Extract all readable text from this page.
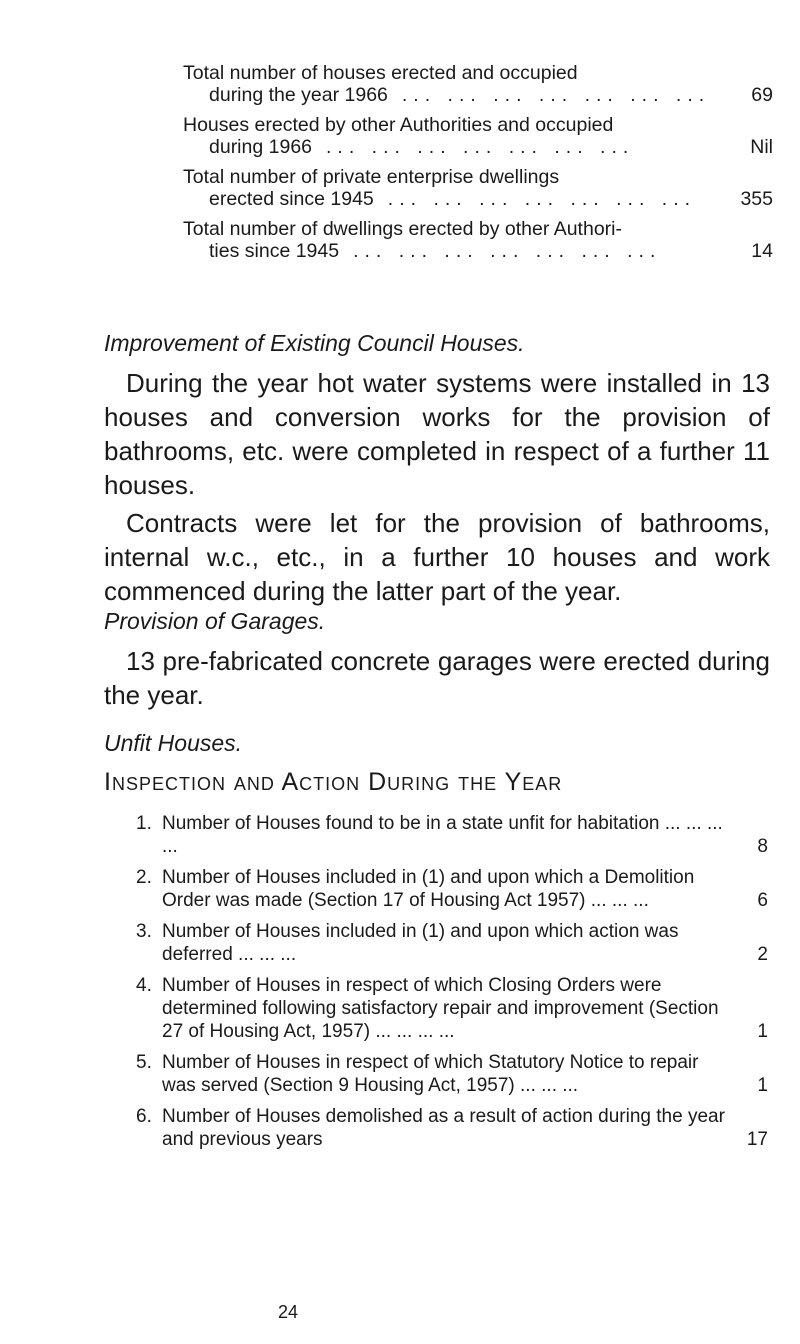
Total number of houses erected and occupied
during the year 1966 ... ... ... ... ... ... ...	69
Houses erected by other Authorities and occupied
during 1966 ... ... ... ... ... ... ...	Nil
Total number of private enterprise dwellings
erected since 1945 ... ... ... ... ... ... ...	355
Total number of dwellings erected by other Authori-
ties since 1945 ... ... ... ... ... ... ...	14
Improvement of Existing Council Houses.

During the year hot water systems were installed in 13 houses and conversion works for the provision of bathrooms, etc. were completed in respect of a further 11 houses.

Contracts were let for the provision of bathrooms, internal w.c., etc., in a further 10 houses and work commenced during the latter part of the year.

Provision of Garages.

13 pre-fabricated concrete garages were erected during the year.

Unfit Houses.
Inspection and Action During the Year
1. Number of Houses found to be in a state unfit for habitation ... ... ... ...	8
2. Number of Houses included in (1) and upon which a Demolition Order was made (Section 17 of Housing Act 1957) ... ... ...	6
3. Number of Houses included in (1) and upon which action was deferred ... ... ...	2
4. Number of Houses in respect of which Closing Orders were determined following satisfactory repair and improvement (Section 27 of Housing Act, 1957) ... ... ... ...	1
5. Number of Houses in respect of which Statutory Notice to repair was served (Section 9 Housing Act, 1957) ... ... ...	1
6. Number of Houses demolished as a result of action during the year and previous years	17
24
